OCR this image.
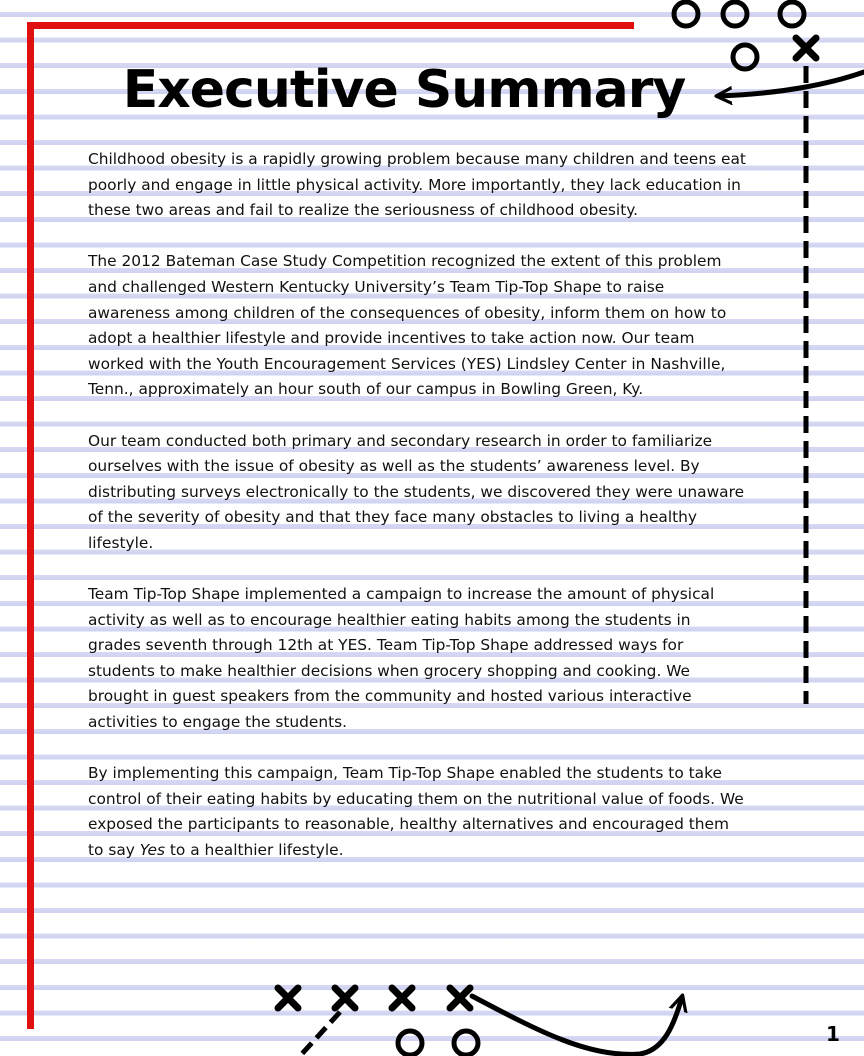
Executive Summary

Childhood obesity is a rapidly growing problem because many children and teens eat poorly and engage in little physical activity. More importantly, they lack education in these two areas and fail to realize the seriousness of childhood obesity.

The 2012 Bateman Case Study Competition recognized the extent of this problem and challenged Western Kentucky University’s Team Tip-Top Shape to raise awareness among children of the consequences of obesity, inform them on how to adopt a healthier lifestyle and provide incentives to take action now. Our team worked with the Youth Encouragement Services (YES) Lindsley Center in Nashville, Tenn., approximately an hour south of our campus in Bowling Green, Ky.

Our team conducted both primary and secondary research in order to familiarize ourselves with the issue of obesity as well as the students’ awareness level. By distributing surveys electronically to the students, we discovered they were unaware of the severity of obesity and that they face many obstacles to living a healthy lifestyle.

Team Tip-Top Shape implemented a campaign to increase the amount of physical activity as well as to encourage healthier eating habits among the students in grades seventh through 12th at YES. Team Tip-Top Shape addressed ways for students to make healthier decisions when grocery shopping and cooking. We brought in guest speakers from the community and hosted various interactive activities to engage the students.

By implementing this campaign, Team Tip-Top Shape enabled the students to take control of their eating habits by educating them on the nutritional value of foods. We exposed the participants to reasonable, healthy alternatives and encouraged them to say Yes to a healthier lifestyle.

1
